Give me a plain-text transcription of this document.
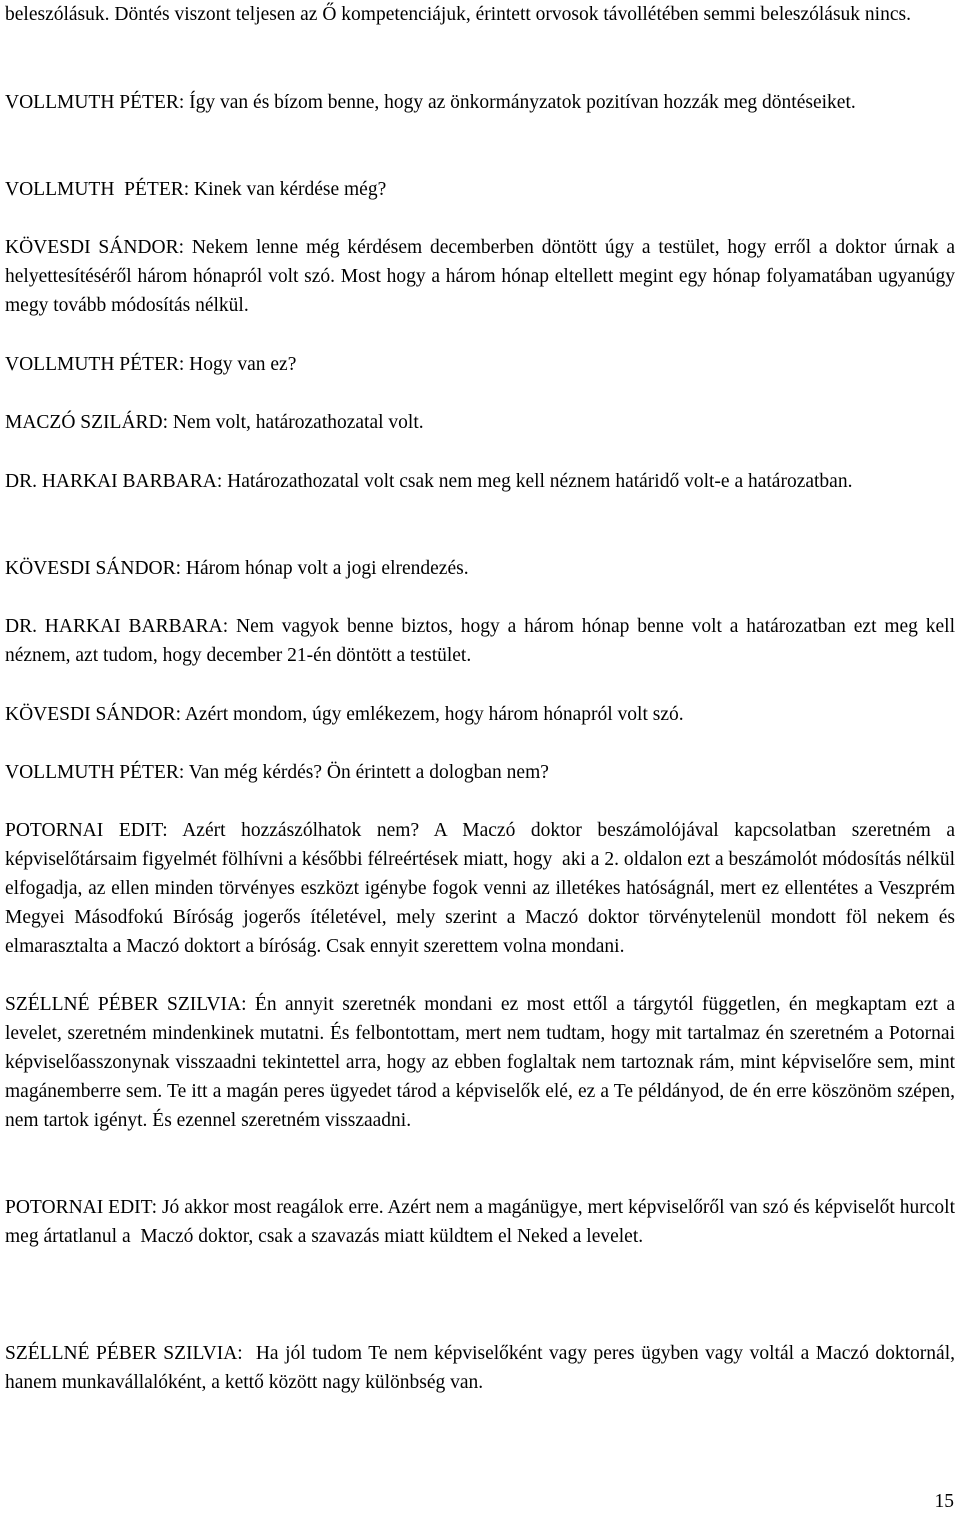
beleszólásuk. Döntés viszont teljesen az Ő kompetenciájuk, érintett orvosok távollétében semmi beleszólásuk nincs.

VOLLMUTH PÉTER: Így van és bízom benne, hogy az önkormányzatok pozitívan hozzák meg döntéseiket.

VOLLMUTH  PÉTER: Kinek van kérdése még?

KÖVESDI SÁNDOR: Nekem lenne még kérdésem decemberben döntött úgy a testület, hogy erről a doktor úrnak a helyettesítéséről három hónapról volt szó. Most hogy a három hónap eltellett megint egy hónap folyamatában ugyanúgy megy tovább módosítás nélkül.

VOLLMUTH PÉTER: Hogy van ez?

MACZÓ SZILÁRD: Nem volt, határozathozatal volt.

DR. HARKAI BARBARA: Határozathozatal volt csak nem meg kell néznem határidő volt-e a határozatban.

KÖVESDI SÁNDOR: Három hónap volt a jogi elrendezés.

DR. HARKAI BARBARA: Nem vagyok benne biztos, hogy a három hónap benne volt a határozatban ezt meg kell néznem, azt tudom, hogy december 21-én döntött a testület.

KÖVESDI SÁNDOR: Azért mondom, úgy emlékezem, hogy három hónapról volt szó.

VOLLMUTH PÉTER: Van még kérdés? Ön érintett a dologban nem?

POTORNAI EDIT: Azért hozzászólhatok nem? A Maczó doktor beszámolójával kapcsolatban szeretném a képviselőtársaim figyelmét fölhívni a későbbi félreértések miatt, hogy  aki a 2. oldalon ezt a beszámolót módosítás nélkül elfogadja, az ellen minden törvényes eszközt igénybe fogok venni az illetékes hatóságnál, mert ez ellentétes a Veszprém Megyei Másodfokú Bíróság jogerős ítéletével, mely szerint a Maczó doktor törvénytelenül mondott föl nekem és elmarasztalta a Maczó doktort a bíróság. Csak ennyit szerettem volna mondani.

SZÉLLNÉ PÉBER SZILVIA: Én annyit szeretnék mondani ez most ettől a tárgytól független, én megkaptam ezt a levelet, szeretném mindenkinek mutatni. És felbontottam, mert nem tudtam, hogy mit tartalmaz én szeretném a Potornai képviselőasszonynak visszaadni tekintettel arra, hogy az ebben foglaltak nem tartoznak rám, mint képviselőre sem, mint magánemberre sem. Te itt a magán peres ügyedet tárod a képviselők elé, ez a Te példányod, de én erre köszönöm szépen, nem tartok igényt. És ezennel szeretném visszaadni.

POTORNAI EDIT: Jó akkor most reagálok erre. Azért nem a magánügye, mert képviselőről van szó és képviselőt hurcolt meg ártatlanul a  Maczó doktor, csak a szavazás miatt küldtem el Neked a levelet.

SZÉLLNÉ PÉBER SZILVIA:  Ha jól tudom Te nem képviselőként vagy peres ügyben vagy voltál a Maczó doktornál, hanem munkavállalóként, a kettő között nagy különbség van.

15
